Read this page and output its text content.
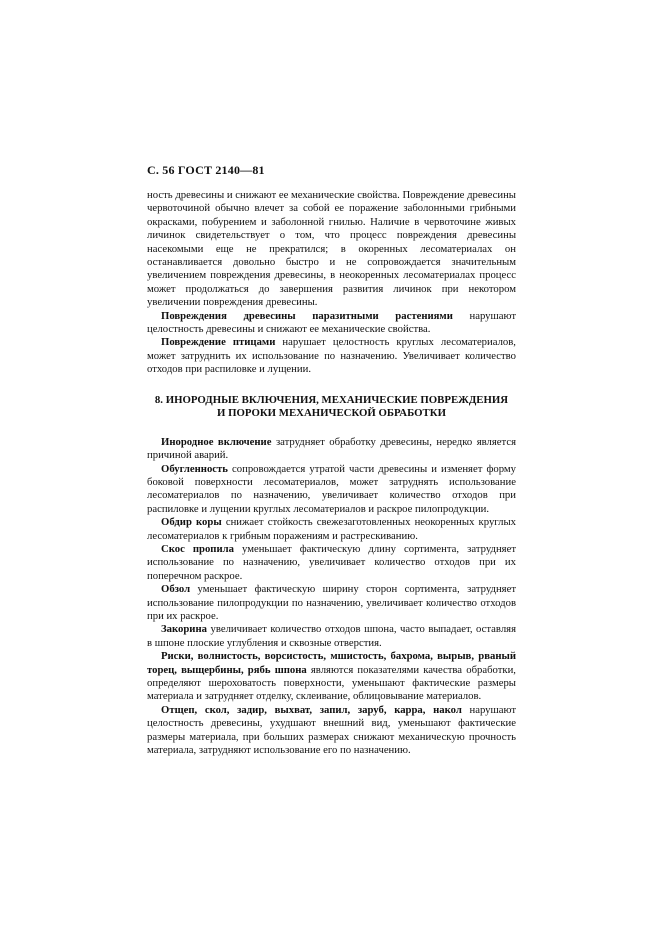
С. 56 ГОСТ 2140—81

ность древесины и снижают ее механические свойства. Повреждение древесины червоточиной обычно влечет за собой ее поражение заболонными грибными окрасками, побурением и заболонной гнилью. Наличие в червоточине живых личинок свидетельствует о том, что процесс повреждения древесины насекомыми еще не прекратился; в окоренных лесоматериалах он останавливается довольно быстро и не сопровождается значительным увеличением повреждения древесины, в неокоренных лесоматериалах процесс может продолжаться до завершения развития личинок при некотором увеличении повреждения древесины.

Повреждения древесины паразитными растениями нарушают целостность древесины и снижают ее механические свойства.

Повреждение птицами нарушает целостность круглых лесоматериалов, может затруднить их использование по назначению. Увеличивает количество отходов при распиловке и лущении.

8. ИНОРОДНЫЕ ВКЛЮЧЕНИЯ, МЕХАНИЧЕСКИЕ ПОВРЕЖДЕНИЯ
И ПОРОКИ МЕХАНИЧЕСКОЙ ОБРАБОТКИ

Инородное включение затрудняет обработку древесины, нередко является причиной аварий.

Обугленность сопровождается утратой части древесины и изменяет форму боковой поверхности лесоматериалов, может затруднять использование лесоматериалов по назначению, увеличивает количество отходов при распиловке и лущении круглых лесоматериалов и раскрое пилопродукции.

Обдир коры снижает стойкость свежезаготовленных неокоренных круглых лесоматериалов к грибным поражениям и растрескиванию.

Скос пропила уменьшает фактическую длину сортимента, затрудняет использование по назначению, увеличивает количество отходов при их поперечном раскрое.

Обзол уменьшает фактическую ширину сторон сортимента, затрудняет использование пилопродукции по назначению, увеличивает количество отходов при их раскрое.

Закорина увеличивает количество отходов шпона, часто выпадает, оставляя в шпоне плоские углубления и сквозные отверстия.

Риски, волнистость, ворсистость, мшистость, бахрома, вырыв, рваный торец, выщербины, рябь шпона являются показателями качества обработки, определяют шероховатость поверхности, уменьшают фактические размеры материала и затрудняет отделку, склеивание, облицовывание материалов.

Отщеп, скол, задир, выхват, запил, заруб, карра, накол нарушают целостность древесины, ухудшают внешний вид, уменьшают фактические размеры материала, при больших размерах снижают механическую прочность материала, затрудняют использование его по назначению.
